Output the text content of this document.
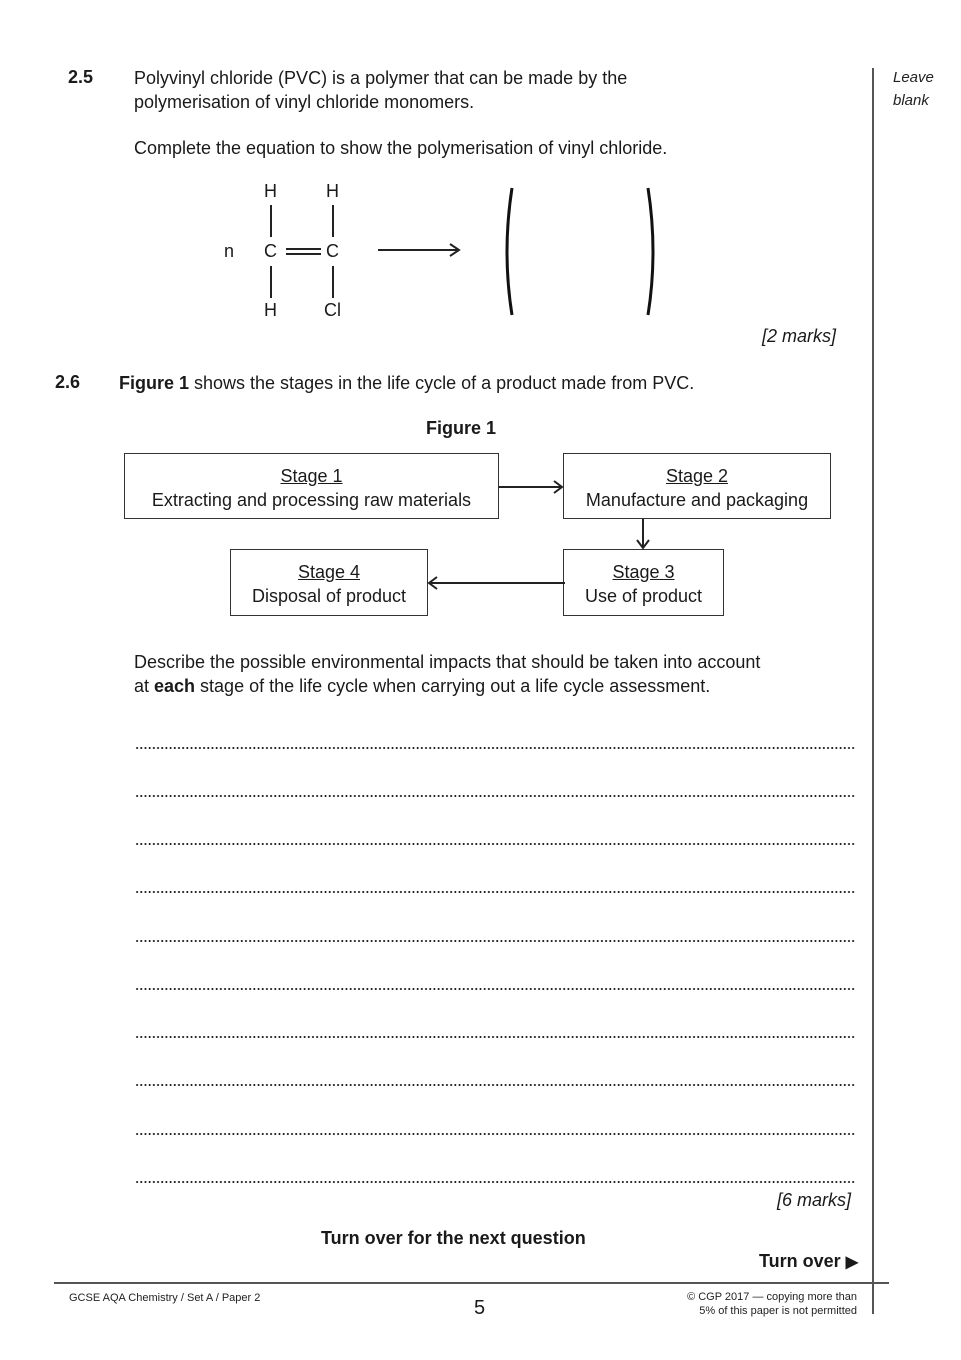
Leave
blank
2.5 Polyvinyl chloride (PVC) is a polymer that can be made by the
polymerisation of vinyl chloride monomers.
Complete the equation to show the polymerisation of vinyl chloride.
n
H	H
C	C
H	Cl
[2 marks]
2.6 Figure 1 shows the stages in the life cycle of a product made from PVC.
Figure 1
Stage 1
Extracting and processing raw materials
Stage 2
Manufacture and packaging
Stage 3
Use of product
Stage 4
Disposal of product
Describe the possible environmental impacts that should be taken into account
at each stage of the life cycle when carrying out a life cycle assessment.
[6 marks]
Turn over for the next question
Turn over ▶
GCSE AQA Chemistry / Set A / Paper 2	5	© CGP 2017 — copying more than
5% of this paper is not permitted
